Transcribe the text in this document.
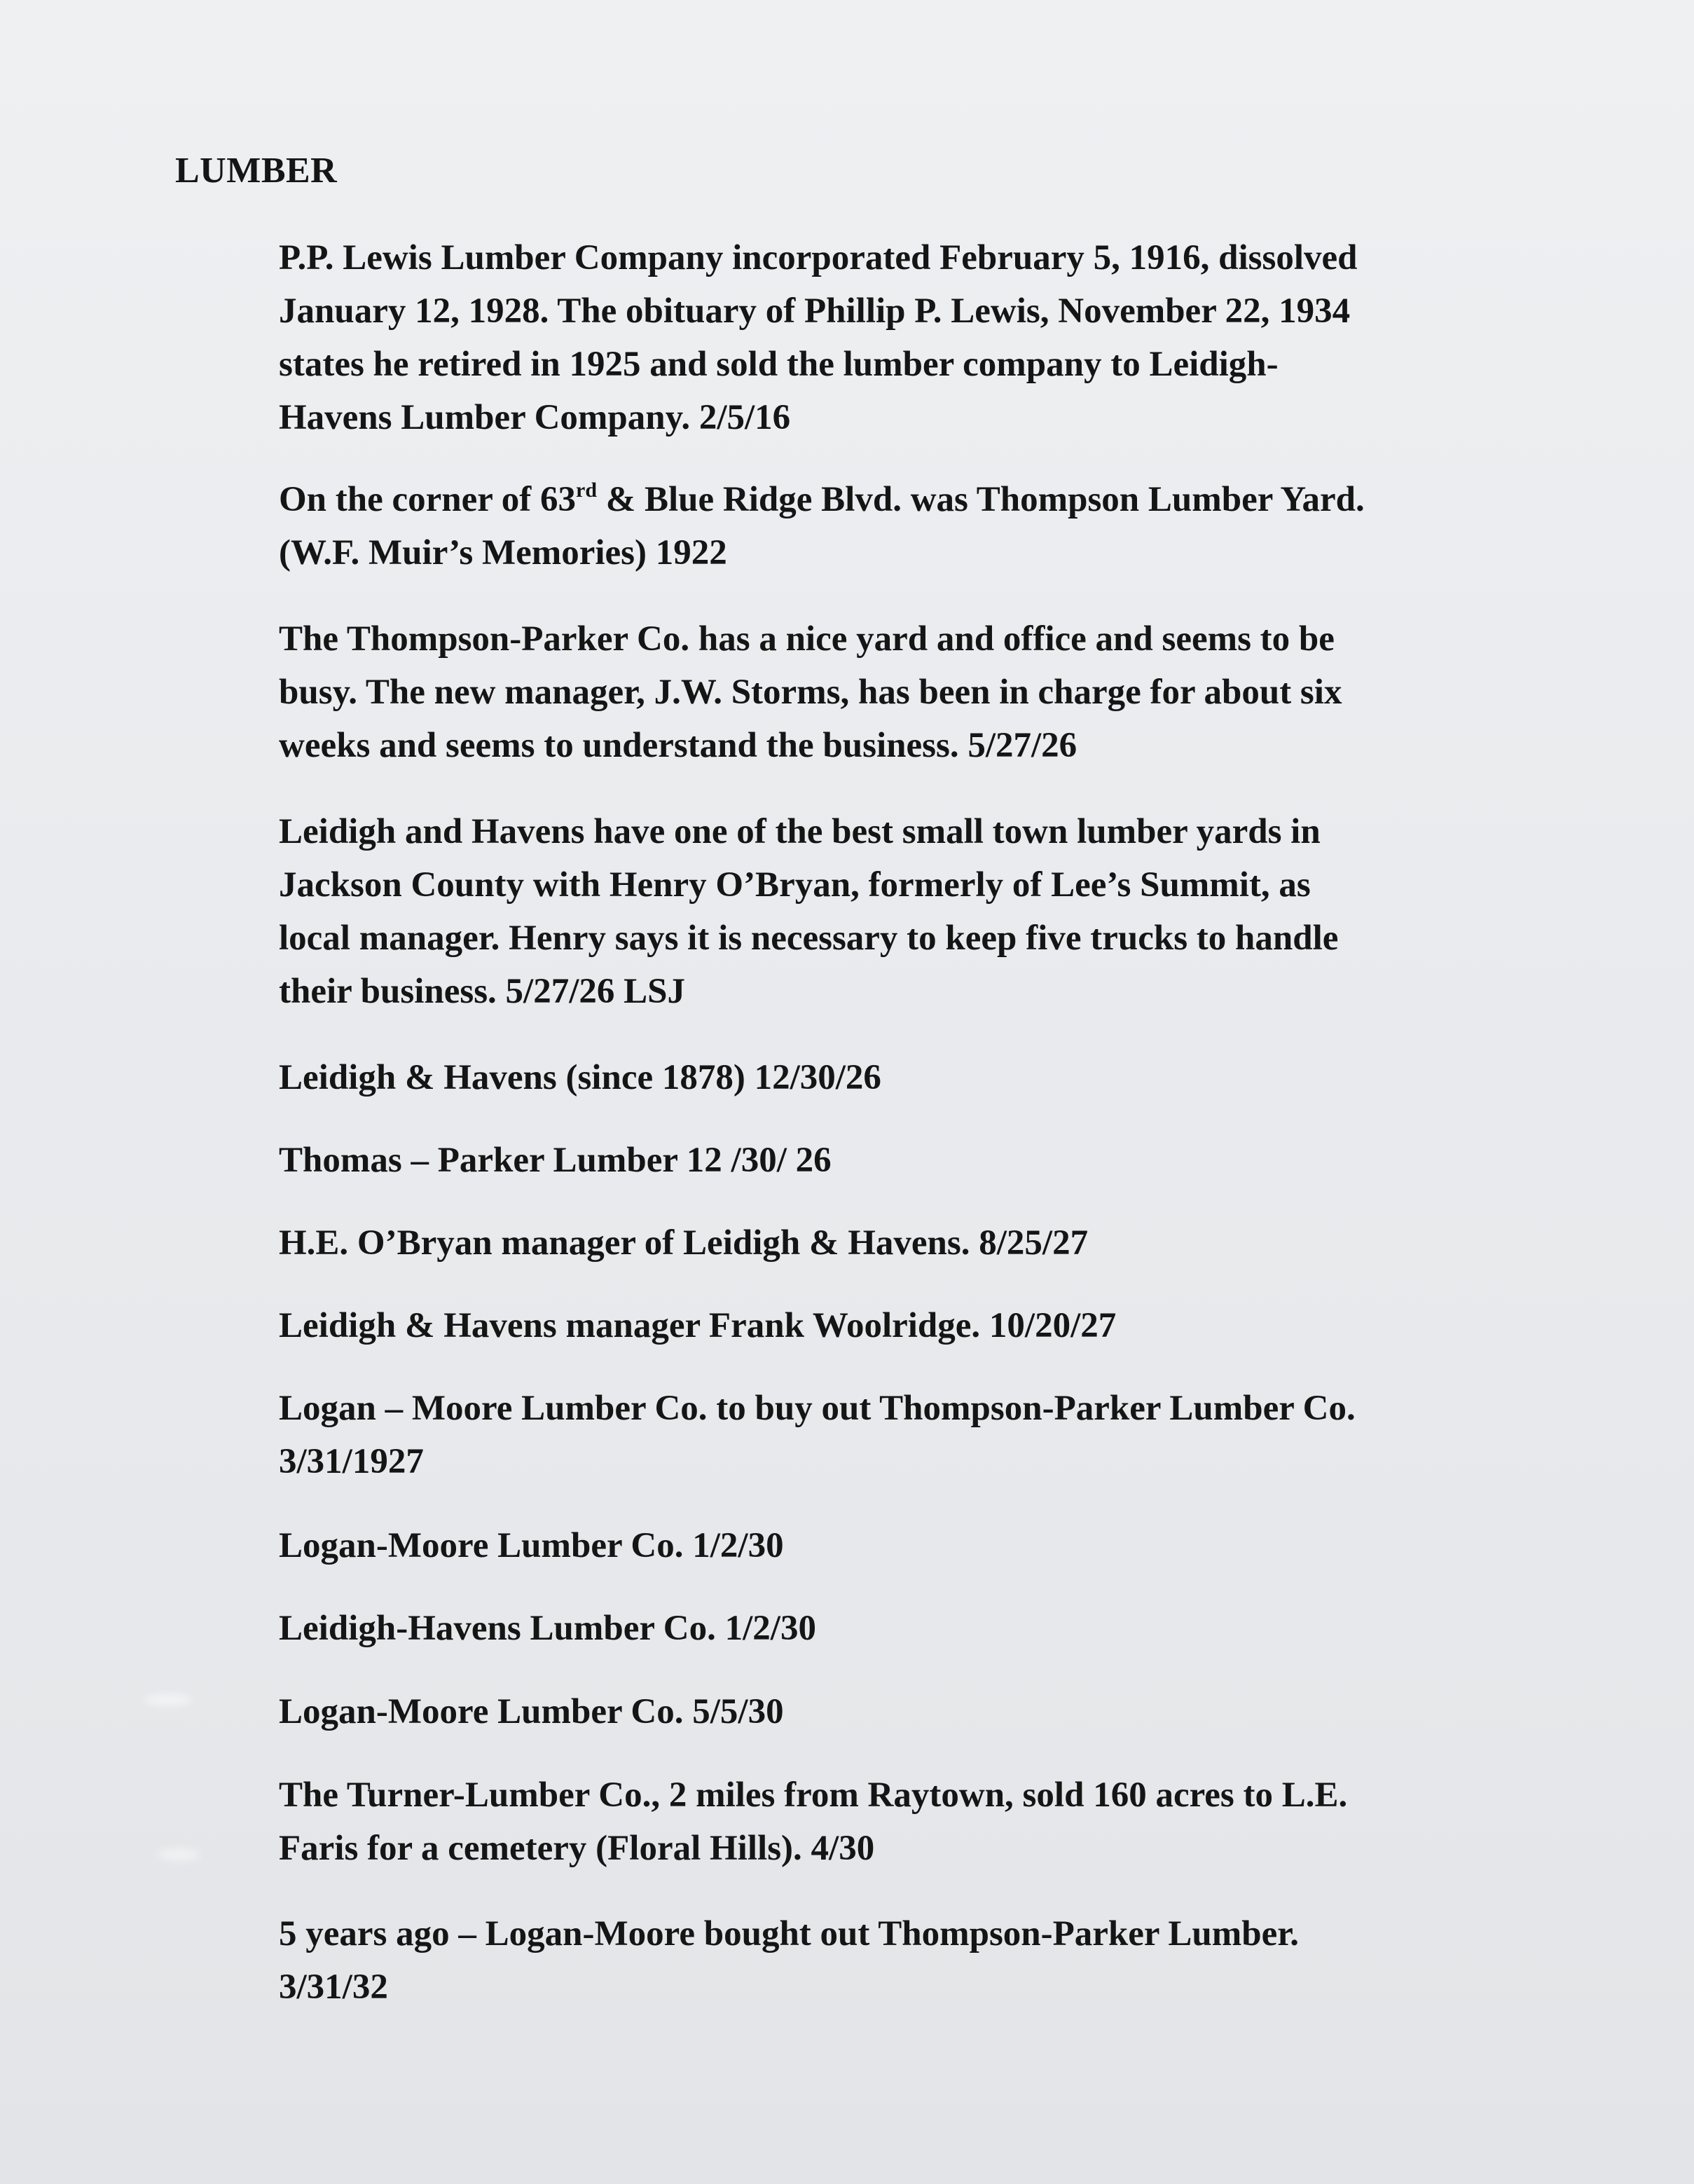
LUMBER

P.P. Lewis Lumber Company incorporated February 5, 1916, dissolved
January 12, 1928. The obituary of Phillip P. Lewis, November 22, 1934
states he retired in 1925 and sold the lumber company to Leidigh-
Havens Lumber Company. 2/5/16

On the corner of 63rd & Blue Ridge Blvd. was Thompson Lumber Yard.
(W.F. Muir’s Memories) 1922

The Thompson-Parker Co. has a nice yard and office and seems to be
busy. The new manager, J.W. Storms, has been in charge for about six
weeks and seems to understand the business. 5/27/26

Leidigh and Havens have one of the best small town lumber yards in
Jackson County with Henry O’Bryan, formerly of Lee’s Summit, as
local manager. Henry says it is necessary to keep five trucks to handle
their business. 5/27/26 LSJ

Leidigh & Havens (since 1878) 12/30/26

Thomas – Parker Lumber 12 /30/ 26

H.E. O’Bryan manager of Leidigh & Havens. 8/25/27

Leidigh & Havens manager Frank Woolridge. 10/20/27

Logan – Moore Lumber Co. to buy out Thompson-Parker Lumber Co.
3/31/1927

Logan-Moore Lumber Co. 1/2/30

Leidigh-Havens Lumber Co. 1/2/30

Logan-Moore Lumber Co. 5/5/30

The Turner-Lumber Co., 2 miles from Raytown, sold 160 acres to L.E.
Faris for a cemetery (Floral Hills). 4/30

5 years ago – Logan-Moore bought out Thompson-Parker Lumber.
3/31/32
